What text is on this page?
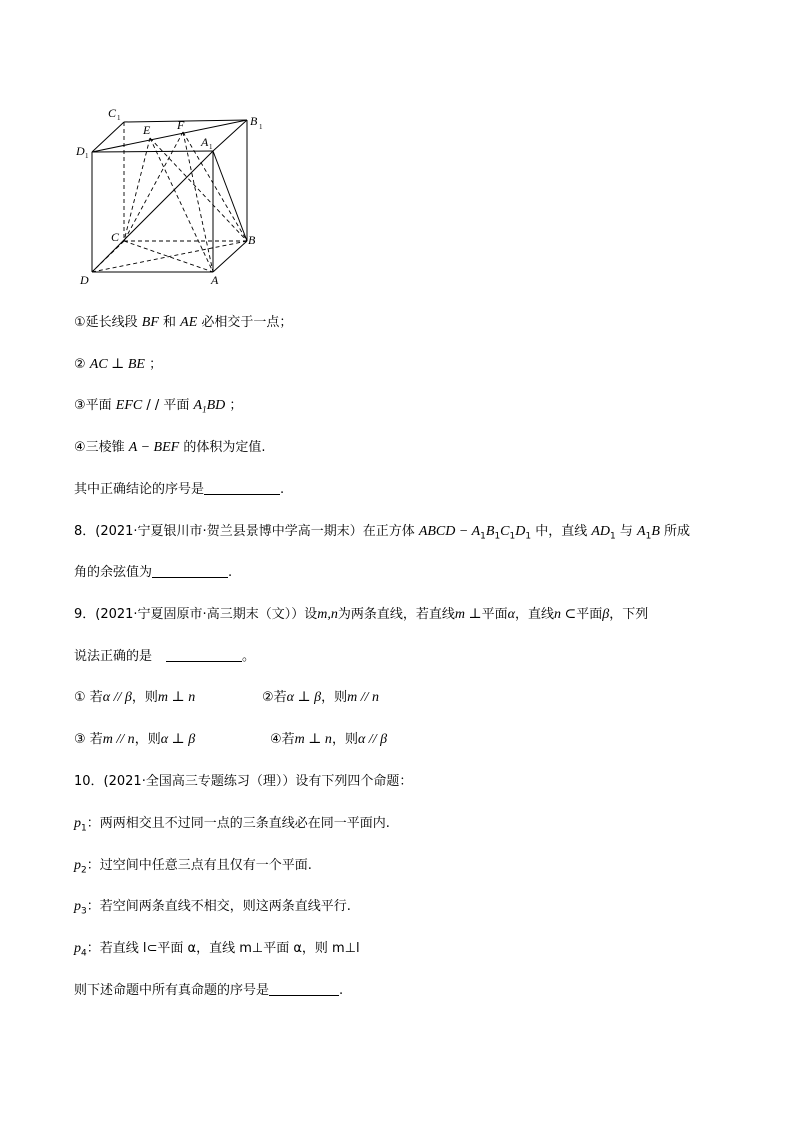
C 1	B 1
D 1
A 1
E F
C	B
D	A
①延长线段 BF 和 AE 必相交于一点；
② AC ⊥ BE ；
③平面 EFC / / 平面 $A_1BD$ ；
④三棱锥 A − BEF 的体积为定值.
其中正确结论的序号是	.
8．(2021·宁夏银川市·贺兰县景博中学高一期末）在正方体 ABCD − $A_1B_1C_1D_1$ 中，直线 $AD_1$ 与 $A_1B$ 所成
角的余弦值为	.
9．(2021·宁夏固原市·高三期末（文））设m,n为两条直线，若直线m ⊥平面α，直线n ⊂平面β，下列
说法正确的是	。
① 若α // β，则m ⊥ n	②若α ⊥ β，则m // n
③ 若m // n，则α ⊥ β	④若m ⊥ n，则α // β
10．(2021·全国高三专题练习（理））设有下列四个命题：
$p_1$：两两相交且不过同一点的三条直线必在同一平面内.
$p_2$：过空间中任意三点有且仅有一个平面.
$p_3$：若空间两条直线不相交，则这两条直线平行.
$p_4$：若直线 l⊂平面 α，直线 m⊥平面 α，则 m⊥l
则下述命题中所有真命题的序号是	.
